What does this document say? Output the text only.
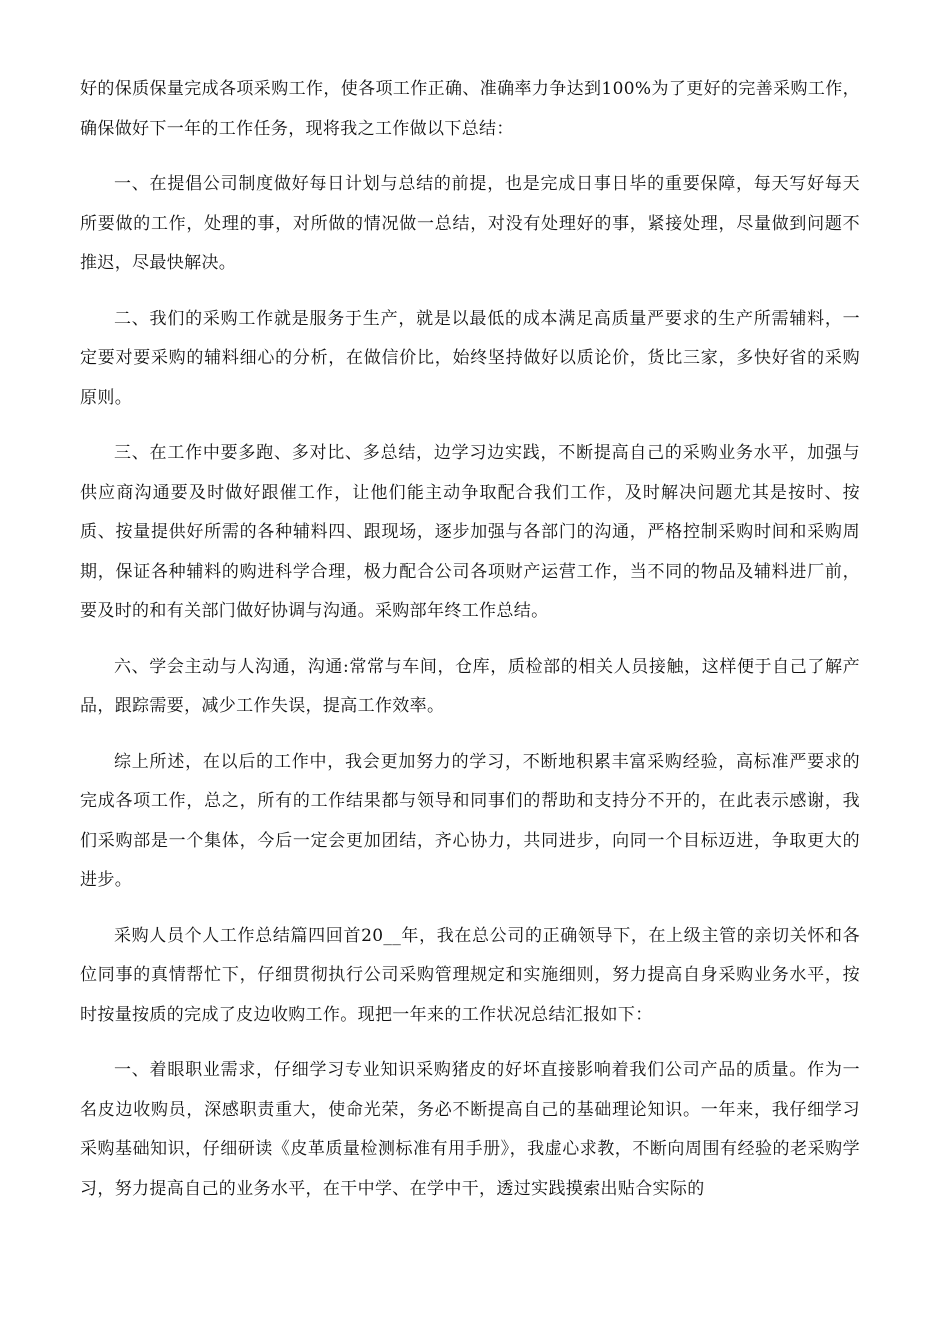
好的保质保量完成各项采购工作，使各项工作正确、准确率力争达到100%为了更好的完善采购工作，确保做好下一年的工作任务，现将我之工作做以下总结：

一、在提倡公司制度做好每日计划与总结的前提，也是完成日事日毕的重要保障，每天写好每天所要做的工作，处理的事，对所做的情况做一总结，对没有处理好的事，紧接处理，尽量做到问题不推迟，尽最快解决。

二、我们的采购工作就是服务于生产，就是以最低的成本满足高质量严要求的生产所需辅料，一定要对要采购的辅料细心的分析，在做信价比，始终坚持做好以质论价，货比三家，多快好省的采购原则。

三、在工作中要多跑、多对比、多总结，边学习边实践，不断提高自己的采购业务水平，加强与供应商沟通要及时做好跟催工作，让他们能主动争取配合我们工作，及时解决问题尤其是按时、按质、按量提供好所需的各种辅料四、跟现场，逐步加强与各部门的沟通，严格控制采购时间和采购周期，保证各种辅料的购进科学合理，极力配合公司各项财产运营工作，当不同的物品及辅料进厂前，要及时的和有关部门做好协调与沟通。采购部年终工作总结。

六、学会主动与人沟通，沟通:常常与车间，仓库，质检部的相关人员接触，这样便于自己了解产品，跟踪需要，减少工作失误，提高工作效率。

综上所述，在以后的工作中，我会更加努力的学习，不断地积累丰富采购经验，高标准严要求的完成各项工作，总之，所有的工作结果都与领导和同事们的帮助和支持分不开的，在此表示感谢，我们采购部是一个集体，今后一定会更加团结，齐心协力，共同进步，向同一个目标迈进，争取更大的进步。

采购人员个人工作总结篇四回首20__年，我在总公司的正确领导下，在上级主管的亲切关怀和各位同事的真情帮忙下，仔细贯彻执行公司采购管理规定和实施细则，努力提高自身采购业务水平，按时按量按质的完成了皮边收购工作。现把一年来的工作状况总结汇报如下：

一、着眼职业需求，仔细学习专业知识采购猪皮的好坏直接影响着我们公司产品的质量。作为一名皮边收购员，深感职责重大，使命光荣，务必不断提高自己的基础理论知识。一年来，我仔细学习采购基础知识，仔细研读《皮革质量检测标准有用手册》，我虚心求教，不断向周围有经验的老采购学习，努力提高自己的业务水平，在干中学、在学中干，透过实践摸索出贴合实际的
